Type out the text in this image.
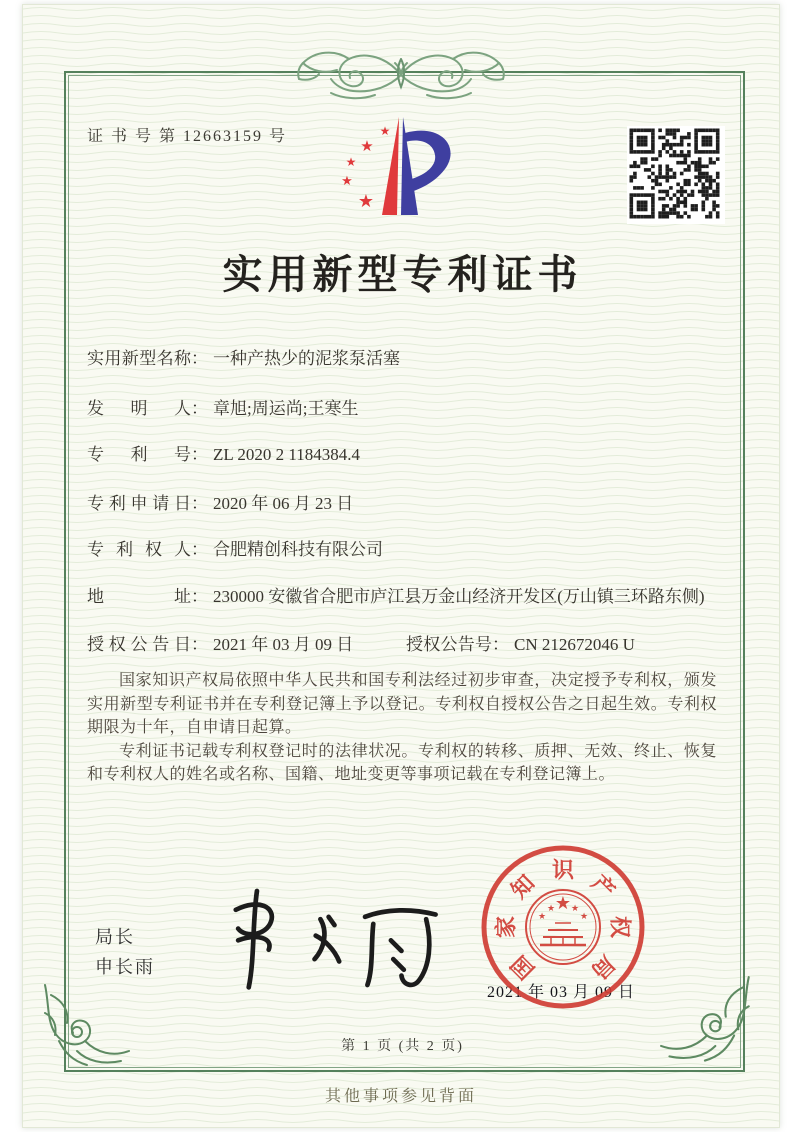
证 书 号 第 12663159 号	★
★
★
★
★
实用新型专利证书
实用新型名称： 一种产热少的泥浆泵活塞
发明人： 章旭;周运尚;王寒生
专利号： ZL 2020 2 1184384.4
专利申请日： 2020 年 06 月 23 日
专利权人： 合肥精创科技有限公司
地址： 230000 安徽省合肥市庐江县万金山经济开发区(万山镇三环路东侧)
授权公告日： 2021 年 03 月 09 日	授权公告号： CN 212672046 U

国家知识产权局依照中华人民共和国专利法经过初步审查，决定授予专利权，颁发实用新型专利证书并在专利登记簿上予以登记。专利权自授权公告之日起生效。专利权期限为十年，自申请日起算。

专利证书记载专利权登记时的法律状况。专利权的转移、质押、无效、终止、恢复和专利权人的姓名或名称、国籍、地址变更等事项记载在专利登记簿上。

局长
申长雨
2021 年 03 月 09 日
★
★
★ ★
★
国
家
知
识
产
权
局
第 1 页 (共 2 页)
其他事项参见背面
